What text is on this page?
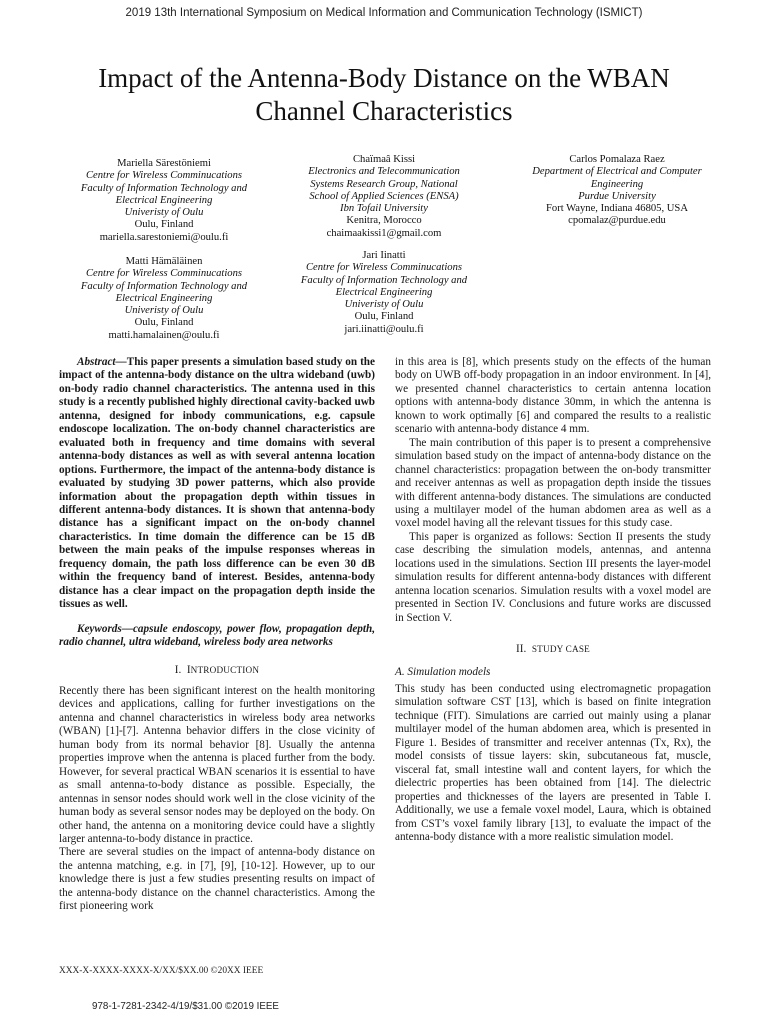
2019 13th International Symposium on Medical Information and Communication Technology (ISMICT)
Impact of the Antenna-Body Distance on the WBAN Channel Characteristics
Mariella Särestöniemi
Centre for Wireless Comminucations
Faculty of Information Technology and
Electrical Engineering
Univeristy of Oulu
Oulu, Finland
mariella.sarestoniemi@oulu.fi
Chaïmaâ Kissi
Electronics and Telecommunication
Systems Research Group, National
School of Applied Sciences (ENSA)
Ibn Tofail University
Kenitra, Morocco
chaimaakissi1@gmail.com
Carlos Pomalaza Raez
Department of Electrical and Computer
Engineering
Purdue University
Fort Wayne, Indiana 46805, USA
cpomalaz@purdue.edu
Matti Hämäläinen
Centre for Wireless Comminucations
Faculty of Information Technology and
Electrical Engineering
Univeristy of Oulu
Oulu, Finland
matti.hamalainen@oulu.fi
Jari Iinatti
Centre for Wireless Comminucations
Faculty of Information Technology and
Electrical Engineering
Univeristy of Oulu
Oulu, Finland
jari.iinatti@oulu.fi

Abstract—This paper presents a simulation based study on the impact of the antenna-body distance on the ultra wideband (uwb) on-body radio channel characteristics. The antenna used in this study is a recently published highly directional cavity-backed uwb antenna, designed for inbody communications, e.g. capsule endoscope localization. The on-body channel characteristics are evaluated both in frequency and time domains with several antenna-body distances as well as with several antenna location options. Furthermore, the impact of the antenna-body distance is evaluated by studying 3D power patterns, which also provide information about the propagation depth within tissues in different antenna-body distances. It is shown that antenna-body distance has a significant impact on the on-body channel characteristics. In time domain the difference can be 15 dB between the main peaks of the impulse responses whereas in frequency domain, the path loss difference can be even 30 dB within the frequency band of interest. Besides, antenna-body distance has a clear impact on the propagation depth inside the tissues as well.

Keywords—capsule endoscopy, power flow, propagation depth, radio channel, ultra wideband, wireless body area networks

I. INTRODUCTION

Recently there has been significant interest on the health monitoring devices and applications, calling for further investigations on the antenna and channel characteristics in wireless body area networks (WBAN) [1]-[7]. Antenna behavior differs in the close vicinity of human body from its normal behavior [8]. Usually the antenna properties improve when the antenna is placed further from the body. However, for several practical WBAN scenarios it is essential to have as small antenna-to-body distance as possible. Especially, the antennas in sensor nodes should work well in the close vicinity of the human body as several sensor nodes may be deployed on the body. On other hand, the antenna on a monitoring device could have a slightly larger antenna-to-body distance in practice.

There are several studies on the impact of antenna-body distance on the antenna matching, e.g. in [7], [9], [10-12]. However, up to our knowledge there is just a few studies presenting results on impact of the antenna-body distance on the channel characteristics. Among the first pioneering work

in this area is [8], which presents study on the effects of the human body on UWB off-body propagation in an indoor environment. In [4], we presented channel characteristics to certain antenna location options with antenna-body distance 30mm, in which the antenna is known to work optimally [6] and compared the results to a realistic scenario with antenna-body distance 4 mm.

The main contribution of this paper is to present a comprehensive simulation based study on the impact of antenna-body distance on the channel characteristics: propagation between the on-body transmitter and receiver antennas as well as propagation depth inside the tissues with different antenna-body distances. The simulations are conducted using a multilayer model of the human abdomen area as well as a voxel model having all the relevant tissues for this study case.

This paper is organized as follows: Section II presents the study case describing the simulation models, antennas, and antenna locations used in the simulations. Section III presents the layer-model simulation results for different antenna-body distances with different antenna location scenarios. Simulation results with a voxel model are presented in Section IV. Conclusions and future works are discussed in Section V.

II. STUDY CASE

A. Simulation models

This study has been conducted using electromagnetic propagation simulation software CST [13], which is based on finite integration technique (FIT). Simulations are carried out mainly using a planar multilayer model of the human abdomen area, which is presented in Figure 1. Besides of transmitter and receiver antennas (Tx, Rx), the model consists of tissue layers: skin, subcutaneous fat, muscle, visceral fat, small intestine wall and content layers, for which the dielectric properties has been obtained from [14]. The dielectric properties and thicknesses of the layers are presented in Table I. Additionally, we use a female voxel model, Laura, which is obtained from CST’s voxel family library [13], to evaluate the impact of the antenna-body distance with a more realistic simulation model.

XXX-X-XXXX-XXXX-X/XX/$XX.00 ©20XX IEEE
978-1-7281-2342-4/19/$31.00 ©2019 IEEE
